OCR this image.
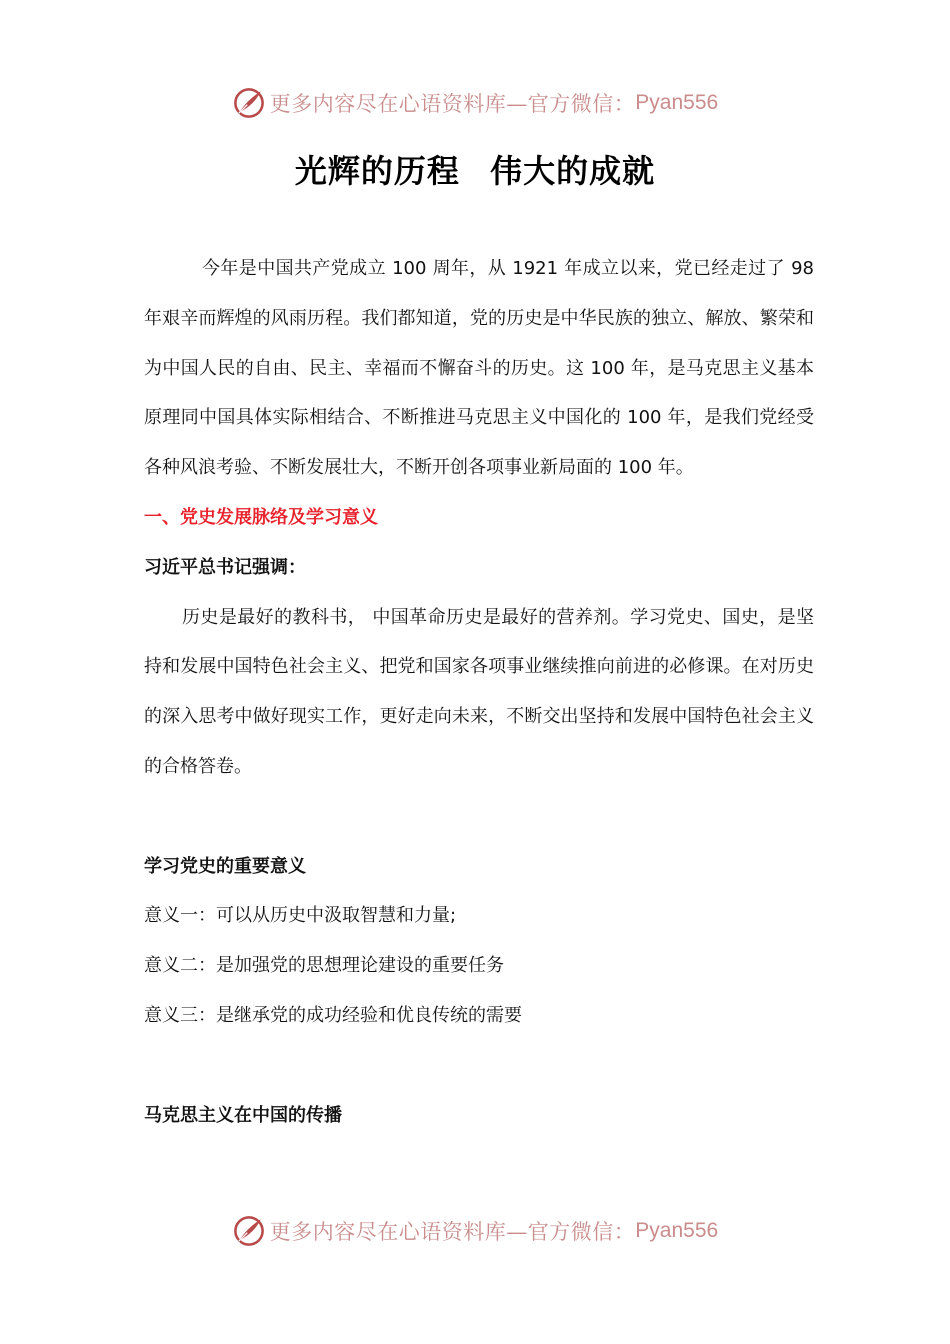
更多内容尽在心语资料库—官方微信： Pyan556
光辉的历程 伟大的成就

今年是中国共产党成立 100 周年，从 1921 年成立以来，党已经走过了 98 年艰辛而辉煌的风雨历程。我们都知道，党的历史是中华民族的独立、解放、繁荣和为中国人民的自由、民主、幸福而不懈奋斗的历史。这 100 年，是马克思主义基本原理同中国具体实际相结合、不断推进马克思主义中国化的 100 年，是我们党经受各种风浪考验、不断发展壮大，不断开创各项事业新局面的 100 年。

一、党史发展脉络及学习意义

习近平总书记强调：

历史是最好的教科书， 中国革命历史是最好的营养剂。学习党史、国史，是坚持和发展中国特色社会主义、把党和国家各项事业继续推向前进的必修课。在对历史的深入思考中做好现实工作，更好走向未来，不断交出坚持和发展中国特色社会主义的合格答卷。

学习党史的重要意义

意义一：可以从历史中汲取智慧和力量;

意义二：是加强党的思想理论建设的重要任务

意义三：是继承党的成功经验和优良传统的需要

马克思主义在中国的传播

更多内容尽在心语资料库—官方微信： Pyan556
